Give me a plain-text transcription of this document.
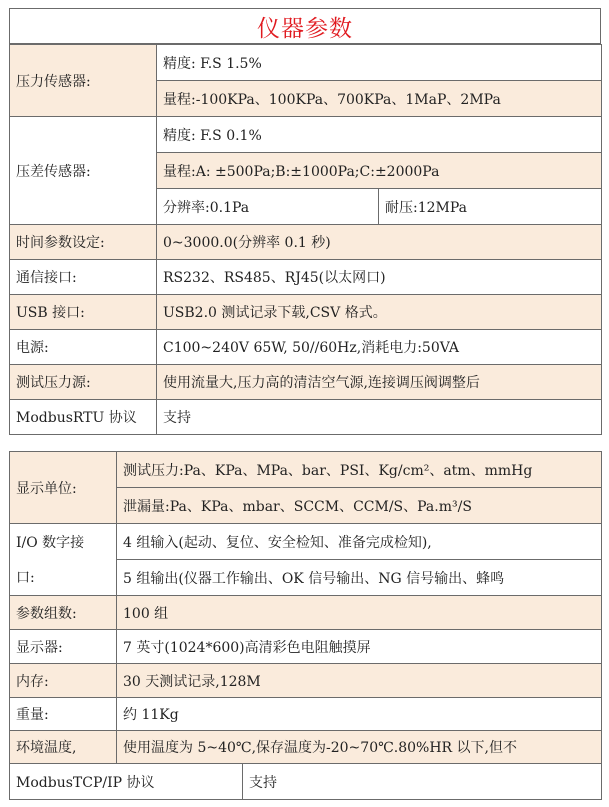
仪器参数
压力传感器:	精度: F.S 1.5%	
	量程:-100KPa、100KPa、700KPa、1MaP、2MPa	
压差传感器:	精度: F.S 0.1%	
	量程:A: ±500Pa;B:±1000Pa;C:±2000Pa	
	分辨率:0.1Pa	耐压:12MPa
时间参数设定:	0~3000.0(分辨率 0.1 秒)	
通信接口:	RS232、RS485、RJ45(以太网口)	
USB 接口:	USB2.0 测试记录下载,CSV 格式。	
电源:	C100~240V 65W, 50//60Hz,消耗电力:50VA	
测试压力源:	使用流量大,压力高的清洁空气源,连接调压阀调整后	
ModbusRTU 协议	支持	
显示单位:	测试压力:Pa、KPa、MPa、bar、PSI、Kg/cm²、atm、mmHg
	泄漏量:Pa、KPa、mbar、SCCM、CCM/S、Pa.m³/S
I/O 数字接	4 组输入(起动、复位、安全检知、准备完成检知),
口:	5 组输出(仪器工作输出、OK 信号输出、NG 信号输出、蜂鸣
参数组数:	100 组
显示器:	7 英寸(1024*600)高清彩色电阻触摸屏
内存:	30 天测试记录,128M
重量:	约 11Kg
环境温度,	使用温度为 5~40℃,保存温度为-20~70℃.80%HR 以下,但不
ModbusTCP/IP 协议	支持
